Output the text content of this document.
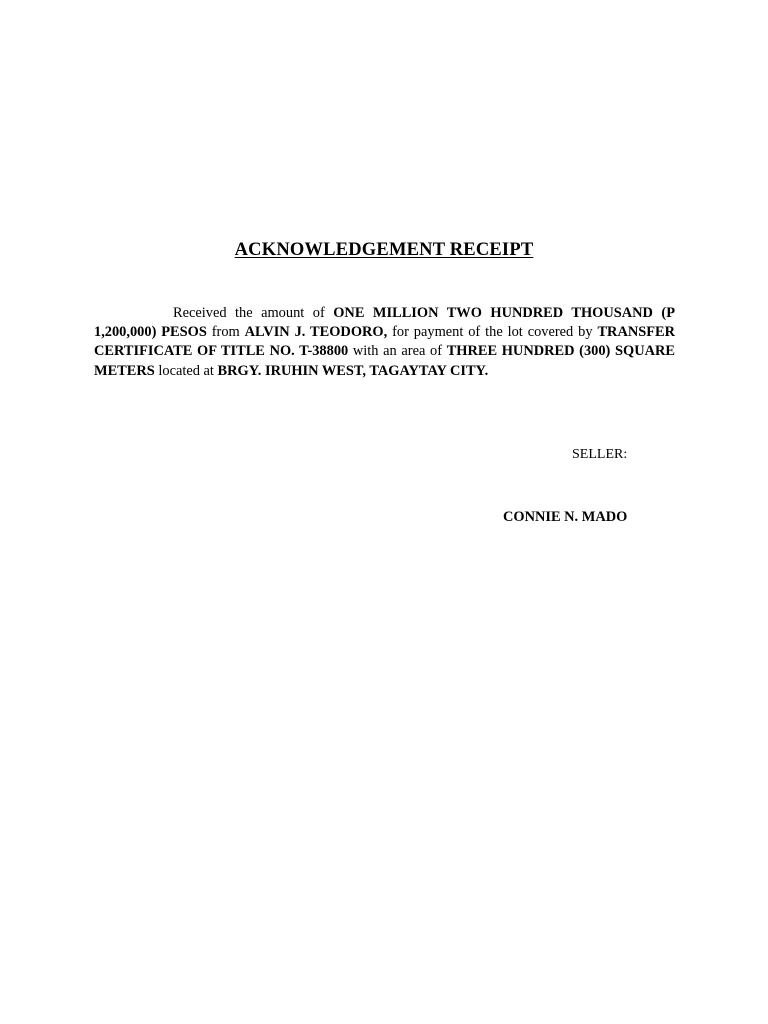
ACKNOWLEDGEMENT RECEIPT

Received the amount of ONE MILLION TWO HUNDRED THOUSAND (P 1,200,000) PESOS from ALVIN J. TEODORO, for payment of the lot covered by TRANSFER CERTIFICATE OF TITLE NO. T-38800 with an area of THREE HUNDRED (300) SQUARE METERS located at BRGY. IRUHIN WEST, TAGAYTAY CITY.

SELLER:

CONNIE N. MADO
